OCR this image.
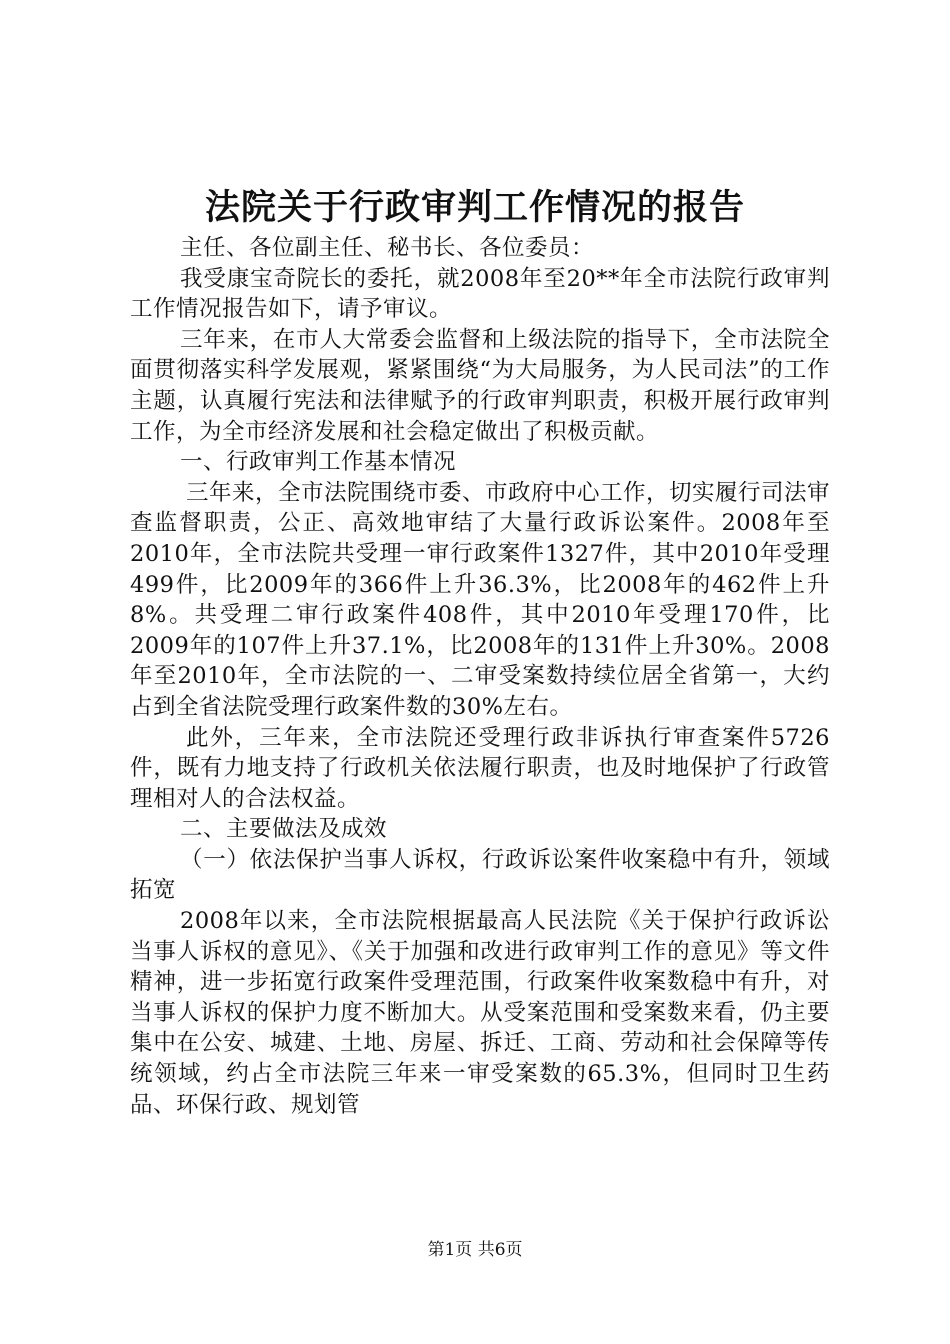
法院关于行政审判工作情况的报告

主任、各位副主任、秘书长、各位委员：

我受康宝奇院长的委托，就2008年至20**年全市法院行政审判工作情况报告如下，请予审议。

三年来，在市人大常委会监督和上级法院的指导下，全市法院全面贯彻落实科学发展观，紧紧围绕“为大局服务，为人民司法”的工作主题，认真履行宪法和法律赋予的行政审判职责，积极开展行政审判工作，为全市经济发展和社会稳定做出了积极贡献。

一、行政审判工作基本情况

三年来，全市法院围绕市委、市政府中心工作，切实履行司法审查监督职责，公正、高效地审结了大量行政诉讼案件。2008年至2010年，全市法院共受理一审行政案件1327件，其中2010年受理499件，比2009年的366件上升36.3%，比2008年的462件上升8%。共受理二审行政案件408件，其中2010年受理170件，比2009年的107件上升37.1%，比2008年的131件上升30%。2008年至2010年，全市法院的一、二审受案数持续位居全省第一，大约占到全省法院受理行政案件数的30%左右。

此外，三年来，全市法院还受理行政非诉执行审查案件5726件，既有力地支持了行政机关依法履行职责，也及时地保护了行政管理相对人的合法权益。

二、主要做法及成效

（一）依法保护当事人诉权，行政诉讼案件收案稳中有升，领域拓宽

2008年以来，全市法院根据最高人民法院《关于保护行政诉讼当事人诉权的意见》、《关于加强和改进行政审判工作的意见》等文件精神，进一步拓宽行政案件受理范围，行政案件收案数稳中有升，对当事人诉权的保护力度不断加大。从受案范围和受案数来看，仍主要集中在公安、城建、土地、房屋、拆迁、工商、劳动和社会保障等传统领域，约占全市法院三年来一审受案数的65.3%，但同时卫生药品、环保行政、规划管

第1页 共6页
